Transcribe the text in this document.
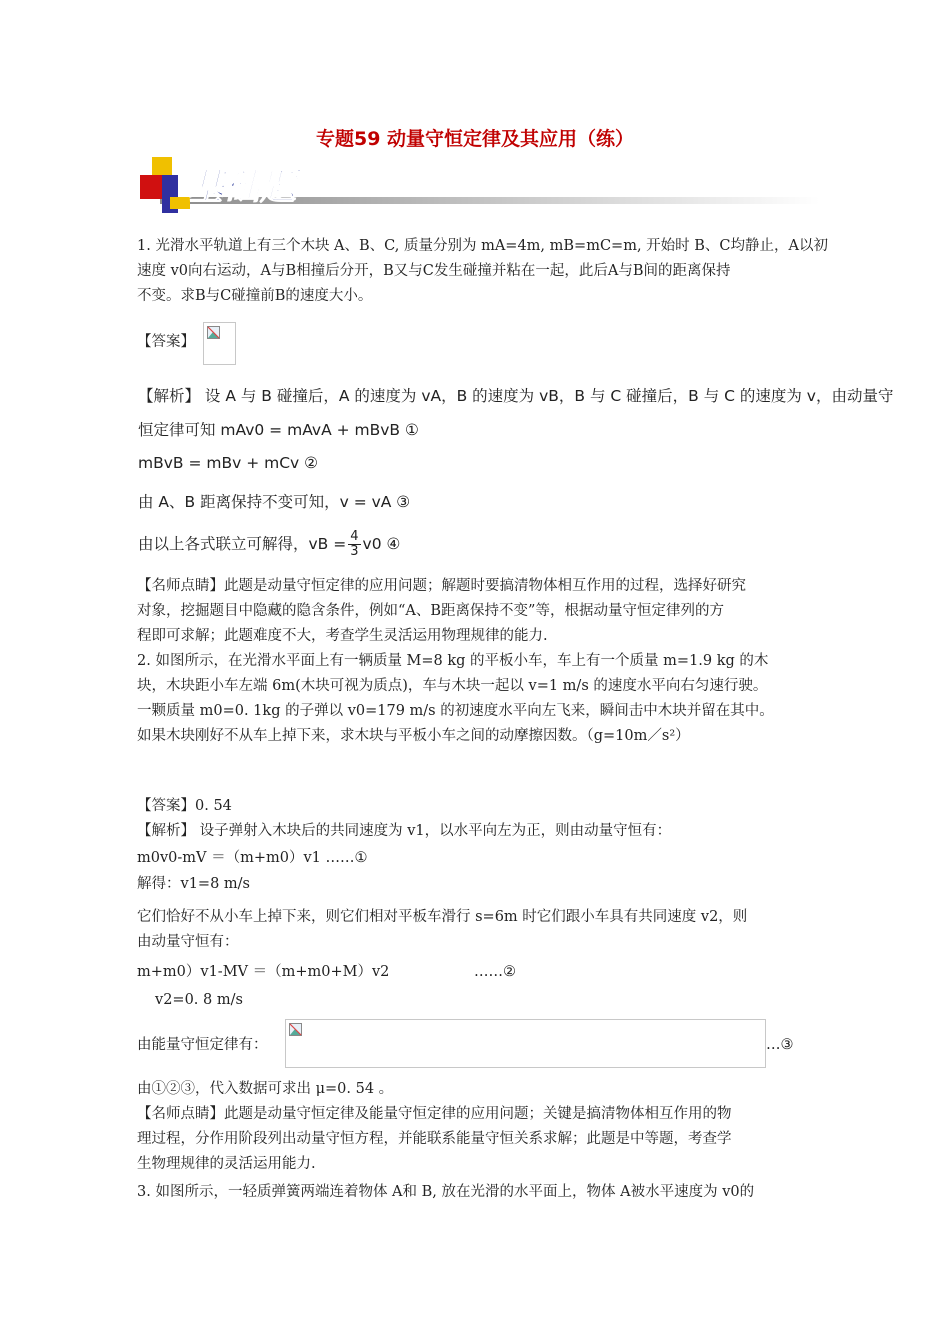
专题59 动量守恒定律及其应用（练）
基础题
1. 光滑水平轨道上有三个木块 A、B、C, 质量分别为 mA=4m, mB=mC=m, 开始时 B、C均静止，A以初
速度 v0向右运动，A与B相撞后分开，B又与C发生碰撞并粘在一起，此后A与B间的距离保持
不变。求B与C碰撞前B的速度大小。
【答案】
【解析】 设 A 与 B 碰撞后，A 的速度为 vA，B 的速度为 vB，B 与 C 碰撞后，B 与 C 的速度为 v，由动量守
恒定律可知 mAv0 = mAvA + mBvB ①
mBvB = mBv + mCv ②
由 A、B 距离保持不变可知，v = vA ③
由以上各式联立可解得，vB = $\frac{4}{3} v0$ ④
【名师点睛】此题是动量守恒定律的应用问题；解题时要搞清物体相互作用的过程，选择好研究
对象，挖掘题目中隐藏的隐含条件，例如“A、B距离保持不变”等，根据动量守恒定律列的方
程即可求解；此题难度不大，考查学生灵活运用物理规律的能力.
2. 如图所示，在光滑水平面上有一辆质量 M=8 kg 的平板小车，车上有一个质量 m=1.9 kg 的木
块，木块距小车左端 6m(木块可视为质点)，车与木块一起以 v=1 m/s 的速度水平向右匀速行驶。
一颗质量 m0=0. 1kg 的子弹以 v0=179 m/s 的初速度水平向左飞来，瞬间击中木块并留在其中。
如果木块刚好不从车上掉下来，求木块与平板小车之间的动摩擦因数。（g=10m／s²）
【答案】0. 54
【解析】 设子弹射入木块后的共同速度为 v1，以水平向左为正，则由动量守恒有：
m0v0-mV ＝（m+m0）v1 ……①
解得：v1=8 m/s
它们恰好不从小车上掉下来，则它们相对平板车滑行 s=6m 时它们跟小车具有共同速度 v2，则
由动量守恒有：
m+m0）v1-MV ＝（m+m0+M）v2	……②
v2=0. 8 m/s
由能量守恒定律有：	…③
由①②③，代入数据可求出 μ=0. 54 。
【名师点睛】此题是动量守恒定律及能量守恒定律的应用问题；关键是搞清物体相互作用的物
理过程，分作用阶段列出动量守恒方程，并能联系能量守恒关系求解；此题是中等题，考查学
生物理规律的灵活运用能力.
3. 如图所示，一轻质弹簧两端连着物体 A和 B, 放在光滑的水平面上，物体 A被水平速度为 v0的
